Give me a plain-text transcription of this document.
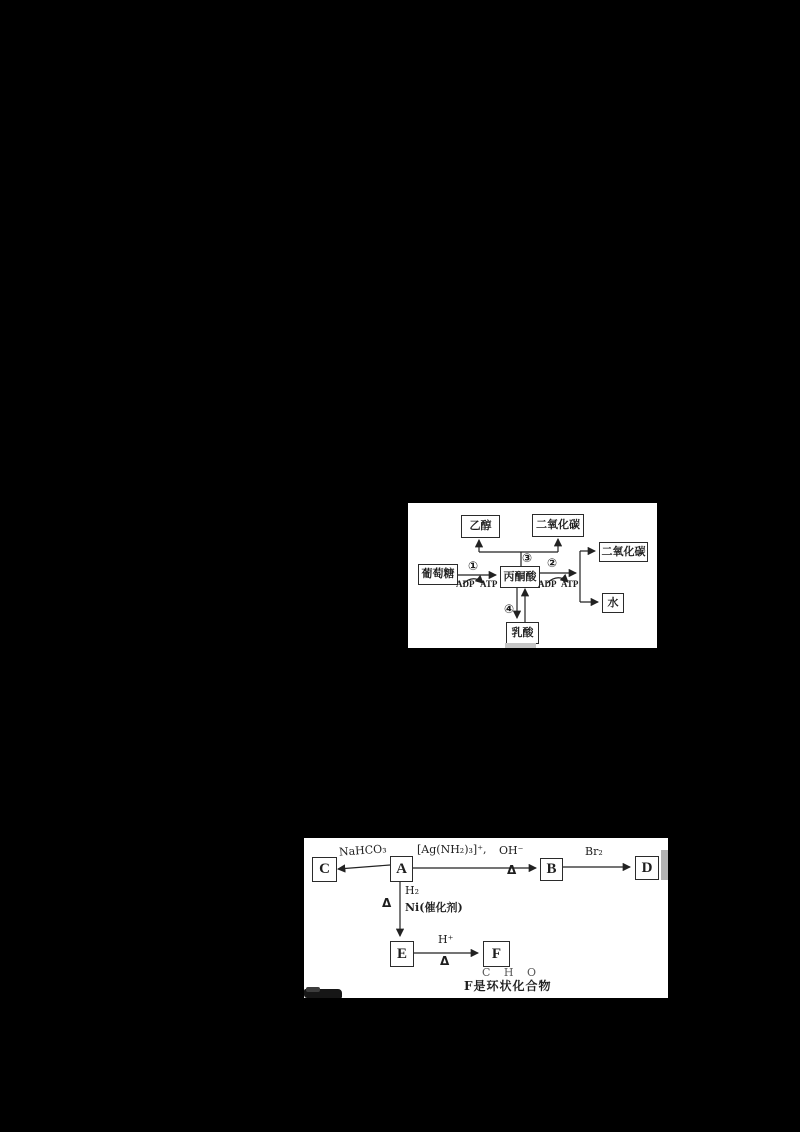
乙醇	二氧化碳
葡萄糖	丙酮酸
二氧化碳
水
乳酸
①	②
③
④
ADP ATP	ADP ATP
C	A	B	D
E	F
NaHCO₃	[Ag(NH₂)₃]⁺, OH⁻
Δ
Br₂
H₂
Ni(催化剂)
Δ
H⁺
Δ
C H O
F是环状化合物
